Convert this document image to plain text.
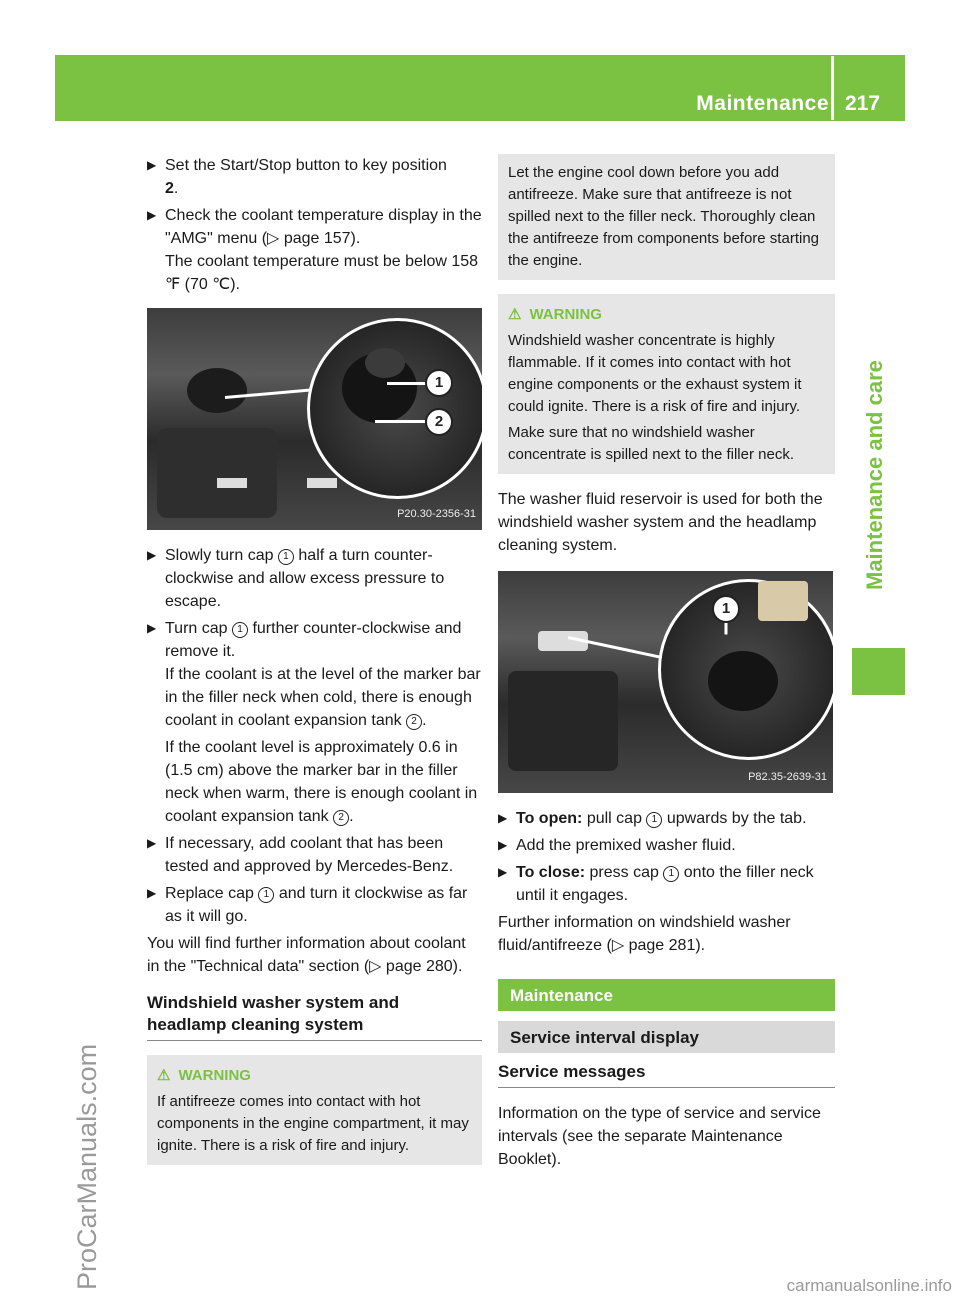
Maintenance 217
Maintenance and care
ProCarManuals.com	carmanualsonline.info
▶ Set the Start/Stop button to key position
2.
▶ Check the coolant temperature display in the "AMG" menu (▷ page 157).
The coolant temperature must be below 158 ℉ (70 ℃).
1
2
P20.30-2356-31
▶ Slowly turn cap 1 half a turn counter-clockwise and allow excess pressure to escape.
▶ Turn cap 1 further counter-clockwise and remove it.
If the coolant is at the level of the marker bar in the filler neck when cold, there is enough coolant in coolant expansion tank 2 .
If the coolant level is approximately 0.6 in (1.5 cm) above the marker bar in the filler neck when warm, there is enough coolant in coolant expansion tank 2 .
▶ If necessary, add coolant that has been tested and approved by Mercedes-Benz.
▶ Replace cap 1 and turn it clockwise as far as it will go.

You will find further information about coolant in the "Technical data" section (▷ page 280).

Windshield washer system and headlamp cleaning system
⚠ WARNING
If antifreeze comes into contact with hot components in the engine compartment, it may ignite. There is a risk of fire and injury.
Let the engine cool down before you add antifreeze. Make sure that antifreeze is not spilled next to the filler neck. Thoroughly clean the antifreeze from components before starting the engine.
⚠ WARNING
Windshield washer concentrate is highly flammable. If it comes into contact with hot engine components or the exhaust system it could ignite. There is a risk of fire and injury.
Make sure that no windshield washer concentrate is spilled next to the filler neck.

The washer fluid reservoir is used for both the windshield washer system and the headlamp cleaning system.

1
P82.35-2639-31
▶ To open: pull cap 1 upwards by the tab.
▶ Add the premixed washer fluid.
▶ To close: press cap 1 onto the filler neck until it engages.

Further information on windshield washer fluid/antifreeze (▷ page 281).

Maintenance
Service interval display
Service messages

Information on the type of service and service intervals (see the separate Maintenance Booklet).
